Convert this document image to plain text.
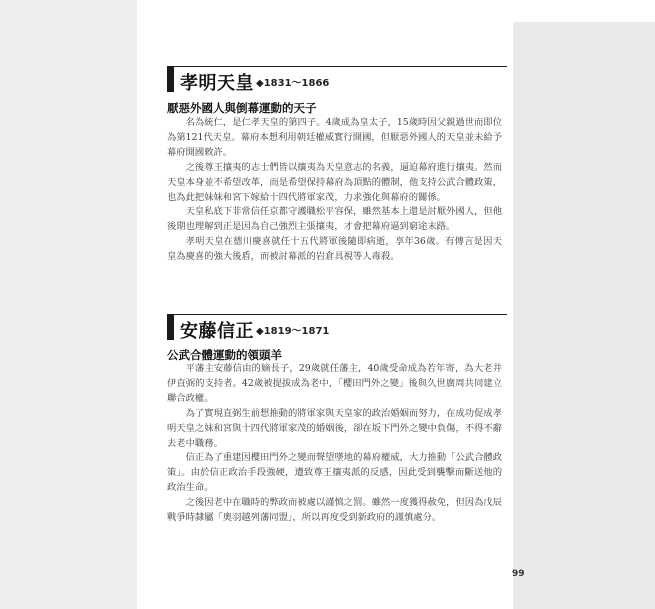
孝明天皇 ◆1831～1866
厭惡外國人與倒幕運動的天子

名為統仁，是仁孝天皇的第四子。4歲成為皇太子，15歲時因父親過世而即位為第121代天皇。幕府本想利用朝廷權威實行開國，但厭惡外國人的天皇並未給予幕府開國敕許。

之後尊王攘夷的志士們皆以攘夷為天皇意志的名義，逼迫幕府進行攘夷。然而天皇本身並不希望改革，而是希望保持幕府為頂點的體制，他支持公武合體政策，也為此把妹妹和宮下嫁給十四代將軍家茂，力求強化與幕府的關係。

天皇私底下非常信任京都守護職松平容保，雖然基本上還是討厭外國人，但他後期也理解到正是因為自己強烈主張攘夷，才會把幕府逼到窮途末路。

孝明天皇在德川慶喜就任十五代將軍後隨即病逝，享年36歲。有傳言是因天皇為慶喜的強大後盾，而被討幕派的岩倉具視等人毒殺。

安藤信正 ◆1819～1871
公武合體運動的領頭羊

平藩主安藤信由的嫡長子，29歲就任藩主，40歲受命成為若年寄，為大老井伊直弼的支持者。42歲被提拔成為老中，「櫻田門外之變」後與久世廣周共同建立聯合政權。

為了實現直弼生前想推動的將軍家與天皇家的政治婚姻而努力，在成功促成孝明天皇之妹和宮與十四代將軍家茂的婚姻後，卻在坂下門外之變中負傷，不得不辭去老中職務。

信正為了重建因櫻田門外之變而聲望墜地的幕府權威，大力推動「公武合體政策」。由於信正政治手段強硬，遭致尊王攘夷派的反感，因此受到襲擊而斷送他的政治生命。

之後因老中在職時的弊政而被處以謹慎之罰。雖然一度獲得赦免，但因為戊辰戰爭時隸屬「奧羽越列藩同盟」，所以再度受到新政府的謹慎處分。

99
